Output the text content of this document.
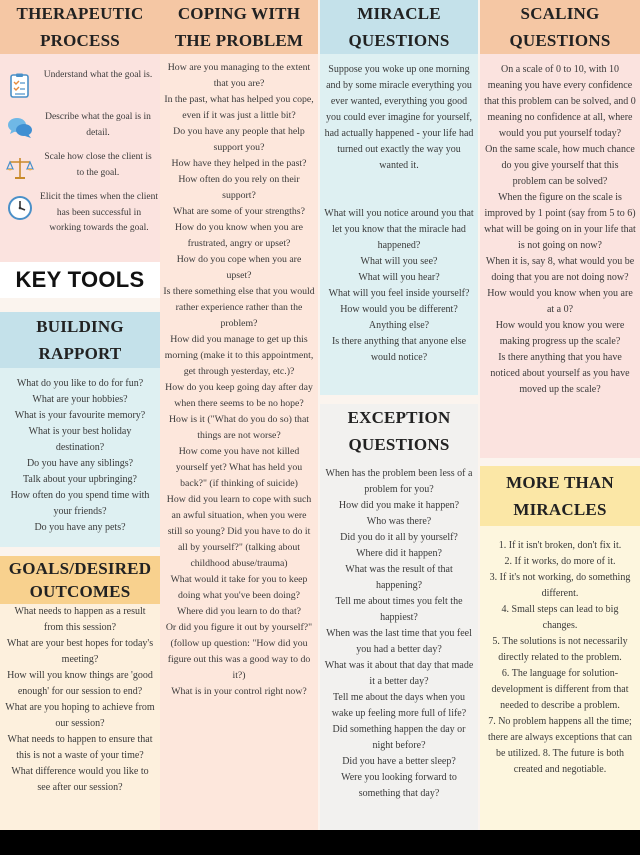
THERAPEUTIC
PROCESS
Understand what the goal is.
Describe what the goal is in detail.
Scale how close the client is to the goal.
Elicit the times when the client has been successful in working towards the goal.
KEY TOOLS
BUILDING
RAPPORT

What do you like to do for fun?

What are your hobbies?

What is your favourite memory?

What is your best holiday destination?

Do you have any siblings?

Talk about your upbringing?

How often do you spend time with your friends?

Do you have any pets?

GOALS/DESIRED
OUTCOMES

What needs to happen as a result from this session?

What are your best hopes for today's meeting?

How will you know things are 'good enough' for our session to end?

What are you hoping to achieve from our session?

What needs to happen to ensure that this is not a waste of your time?

What difference would you like to see after our session?

COPING WITH
THE PROBLEM

How are you managing to the extent that you are?

In the past, what has helped you cope, even if it was just a little bit?

Do you have any people that help support you?

How have they helped in the past?

How often do you rely on their support?

What are some of your strengths?

How do you know when you are frustrated, angry or upset?

How do you cope when you are upset?

Is there something else that you would rather experience rather than the problem?

How did you manage to get up this morning (make it to this appointment, get through yesterday, etc.)?

How do you keep going day after day when there seems to be no hope?

How is it ("What do you do so) that things are not worse?

How come you have not killed yourself yet? What has held you back?" (if thinking of suicide)

How did you learn to cope with such an awful situation, when you were still so young? Did you have to do it all by yourself?" (talking about childhood abuse/trauma)

What would it take for you to keep doing what you've been doing?

Where did you learn to do that?

Or did you figure it out by yourself?" (follow up question: "How did you figure out this was a good way to do it?)

What is in your control right now?

MIRACLE
QUESTIONS
Suppose you woke up one morning and by some miracle everything you ever wanted, everything you good you could ever imagine for yourself, had actually happened - your life had turned out exactly the way you wanted it.

What will you notice around you that let you know that the miracle had happened?

What will you see?

What will you hear?

What will you feel inside yourself?

How would you be different?

Anything else?

Is there anything that anyone else would notice?

EXCEPTION
QUESTIONS

When has the problem been less of a problem for you?

How did you make it happen?

Who was there?

Did you do it all by yourself?

Where did it happen?

What was the result of that happening?

Tell me about times you felt the happiest?

When was the last time that you feel you had a better day?

What was it about that day that made it a better day?

Tell me about the days when you wake up feeling more full of life?

Did something happen the day or night before?

Did you have a better sleep?

Were you looking forward to something that day?

SCALING
QUESTIONS

On a scale of 0 to 10, with 10 meaning you have every confidence that this problem can be solved, and 0 meaning no confidence at all, where would you put yourself today?

On the same scale, how much chance do you give yourself that this problem can be solved?

When the figure on the scale is improved by 1 point (say from 5 to 6) what will be going on in your life that is not going on now?

When it is, say 8, what would you be doing that you are not doing now?

How would you know when you are at a 0?

How would you know you were making progress up the scale?

Is there anything that you have noticed about yourself as you have moved up the scale?

MORE THAN
MIRACLES

1. If it isn't broken, don't fix it.

2. If it works, do more of it.

3. If it's not working, do something different.

4. Small steps can lead to big changes.

5. The solutions is not necessarily directly related to the problem.

6. The language for solution-development is different from that needed to describe a problem.

7. No problem happens all the time; there are always exceptions that can be utilized. 8. The future is both created and negotiable.
